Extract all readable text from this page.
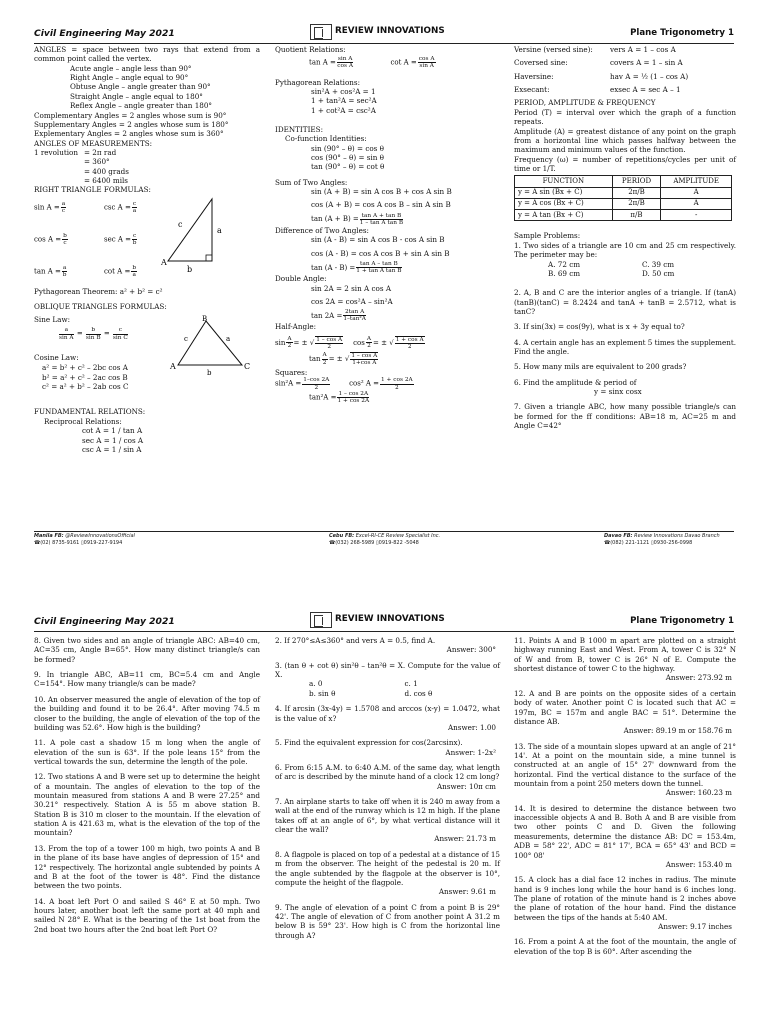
Civil Engineering May 2021	REVIEW INNOVATIONS	Plane Trigonometry 1

ANGLES = space between two rays that extend from a common point called the vertex.

Acute angle – angle less than 90°
Right Angle – angle equal to 90°
Obtuse Angle – angle greater than 90°
Straight Angle – angle equal to 180°
Reflex Angle – angle greater than 180°
Complementary Angles = 2 angles whose sum is 90°
Supplementary Angles = 2 angles whose sum is 180°
Explementary Angles = 2 angles whose sum is 360°
ANGLES OF MEASUREMENTS:
1 revolution = 2π rad
= 360°
= 400 grads
= 6400 mils
RIGHT TRIANGLE FORMULAS:
$\sin A = \frac{a}{c}$	$\csc A = \frac{c}{a}$
$\cos A = \frac{b}{c}$	$\sec A = \frac{c}{b}$
$\tan A = \frac{a}{b}$	$\cot A = \frac{b}{a}$
c
a
A
b
Pythagorean Theorem: a² + b² = c²
OBLIQUE TRIANGLES FORMULAS:
Sine Law:
$\frac{a}{\text{sin A}} = \frac{b}{\text{sin B}} = \frac{c}{\text{sin C}}$
Cosine Law:
a² = b² + c² – 2bc cos A
b² = a² + c² – 2ac cos B
c² = a² + b² – 2ab cos C
B
c	a
A	C
b
FUNDAMENTAL RELATIONS:
Reciprocal Relations:
cot A = 1 / tan A
sec A = 1 / cos A
csc A = 1 / sin A
Quotient Relations:
$\tan A = \frac{\text{sin A}}{\text{cos A}}$	$\cot A = \frac{\text{cos A}}{\text{sin A}}$
Pythagorean Relations:
sin²A + cos²A = 1
1 + tan²A = sec²A
1 + cot²A = csc²A
IDENTITIES:
Co-function Identities:
sin (90° – θ) = cos θ
cos (90° – θ) = sin θ
tan (90° – θ) = cot θ
Sum of Two Angles:
sin (A + B) = sin A cos B + cos A sin B
cos (A + B) = cos A cos B – sin A sin B
$\tan (A + B) = \frac{\text{tan A + tan B}}{\text{1 – tan A tan B}}$
Difference of Two Angles:
sin (A - B) = sin A cos B - cos A sin B
cos (A - B) = cos A cos B + sin A sin B
$\tan (A - B) = \frac{\text{tan A – tan B}}{\text{1 + tan A tan B}}$
Double Angle:
sin 2A = 2 sin A cos A
cos 2A = cos²A – sin²A
$\tan 2A = \frac{\text{2tan A}}{\text{1–tan²A}}$
Half-Angle:
$\sin \frac{A}{2}$ = ± √ $\frac{\text{1 – cos A}}{2}$ $\cos \frac{A}{2}$ = ± √ $\frac{\text{1 + cos A}}{2}$
$\tan \frac{A}{2}$ = ± √ $\frac{\text{1 – cos A}}{\text{1+cos A}}$
Squares:
$\sin^2A = \frac{1-\cos 2A}{2}$	cos² $A = \frac{1 + \cos 2A}{2}$
$\tan^2A = \frac{1 - \cos 2A}{1 + \cos 2A}$
Versine (versed sine):	vers A = 1 – cos A
Coversed sine:	covers A = 1 – sin A
Haversine:	hav A = ½ (1 – cos A)
Exsecant:	exsec A = sec A – 1
PERIOD, AMPLITUDE & FREQUENCY

Period (T) = interval over which the graph of a function repeats.

Amplitude (A) = greatest distance of any point on the graph from a horizontal line which passes halfway between the maximum and minimum values of the function.

Frequency (ω) = number of repetitions/cycles per unit of time or 1/T.

FUNCTION	PERIOD	AMPLITUDE
y = A sin (Bx + C)	2π/B	A
y = A cos (Bx + C)	2π/B	A
y = A tan (Bx + C)	π/B	-
Sample Problems:

1. Two sides of a triangle are 10 cm and 25 cm respectively. The perimeter may be:

A. 72 cm	C. 39 cm
B. 69 cm	D. 50 cm

2. A, B and C are the interior angles of a triangle. If (tanA)(tanB)(tanC) = 8.2424 and tanA + tanB = 2.5712, what is tanC?

3. If sin(3x) = cos(9y), what is x + 3y equal to?

4. A certain angle has an explement 5 times the supplement. Find the angle.

5. How many mils are equivalent to 200 grads?

6. Find the amplitude & period of

y = sinx cosx

7. Given a triangle ABC, how many possible triangle/s can be formed for the ff conditions: AB=18 m, AC=25 m and Angle C=42°

Manila FB: @ReviewInnovationsOfficial
☎(02) 8735-9161 ▯0919-227-9194
Cebu FB: Excel-RI-CE Review Specialist Inc.
☎(032) 268-5989 ▯0919-822 -5048
Davao FB: Review Innovations Davao Branch
☎(082) 221-1121 ▯0930-256-0998
Civil Engineering May 2021	REVIEW INNOVATIONS	Plane Trigonometry 1

8. Given two sides and an angle of triangle ABC: AB=40 cm, AC=35 cm, Angle B=65°. How many distinct triangle/s can be formed?

9. In triangle ABC, AB=11 cm, BC=5.4 cm and Angle C=154°. How many triangle/s can be made?

10. An observer measured the angle of elevation of the top of the building and found it to be 26.4°. After moving 74.5 m closer to the building, the angle of elevation of the top of the building was 52.6°. How high is the building?

11. A pole cast a shadow 15 m long when the angle of elevation of the sun is 63°. If the pole leans 15° from the vertical towards the sun, determine the length of the pole.

12. Two stations A and B were set up to determine the height of a mountain. The angles of elevation to the top of the mountain measured from stations A and B were 27.25° and 30.21° respectively. Station A is 55 m above station B. Station B is 310 m closer to the mountain. If the elevation of station A is 421.63 m, what is the elevation of the top of the mountain?

13. From the top of a tower 100 m high, two points A and B in the plane of its base have angles of depression of 15° and 12° respectively. The horizontal angle subtended by points A and B at the foot of the tower is 48°. Find the distance between the two points.

14. A boat left Port O and sailed S 46° E at 50 mph. Two hours later, another boat left the same port at 40 mph and sailed N 28° E. What is the bearing of the 1st boat from the 2nd boat two hours after the 2nd boat left Port O?

2. If 270°≤A≤360° and vers A = 0.5, find A.

Answer: 300°

3. (tan θ + cot θ) sin²θ – tan²θ = X. Compute for the value of X.

a. 0	c. 1
b. sin θ	d. cos θ

4. If arcsin (3x-4y) = 1.5708 and arccos (x-y) = 1.0472, what is the value of x?

Answer: 1.00

5. Find the equivalent expression for cos(2arcsinx).

Answer: 1-2x²

6. From 6:15 A.M. to 6:40 A.M. of the same day, what length of arc is described by the minute hand of a clock 12 cm long?

Answer: 10π cm

7. An airplane starts to take off when it is 240 m away from a wall at the end of the runway which is 12 m high. If the plane takes off at an angle of 6°, by what vertical distance will it clear the wall?

Answer: 21.73 m

8. A flagpole is placed on top of a pedestal at a distance of 15 m from the observer. The height of the pedestal is 20 m. If the angle subtended by the flagpole at the observer is 10°, compute the height of the flagpole.

Answer: 9.61 m

9. The angle of elevation of a point C from a point B is 29° 42'. The angle of elevation of C from another point A 31.2 m below B is 59° 23'. How high is C from the horizontal line through A?

11. Points A and B 1000 m apart are plotted on a straight highway running East and West. From A, tower C is 32° N of W and from B, tower C is 26° N of E. Compute the shortest distance of tower C to the highway.

Answer: 273.92 m

12. A and B are points on the opposite sides of a certain body of water. Another point C is located such that AC = 197m, BC = 157m and angle BAC = 51°. Determine the distance AB.

Answer: 89.19 m or 158.76 m

13. The side of a mountain slopes upward at an angle of 21° 14'. At a point on the mountain side, a mine tunnel is constructed at an angle of 15° 27' downward from the horizontal. Find the vertical distance to the surface of the mountain from a point 250 meters down the tunnel.

Answer: 160.23 m

14. It is desired to determine the distance between two inaccessible objects A and B. Both A and B are visible from two other points C and D. Given the following measurements, determine the distance AB: DC = 153.4m, ADB = 58° 22', ADC = 81° 17', BCA = 65° 43' and BCD = 100° 08'

Answer: 153.40 m

15. A clock has a dial face 12 inches in radius. The minute hand is 9 inches long while the hour hand is 6 inches long. The plane of rotation of the minute hand is 2 inches above the plane of rotation of the hour hand. Find the distance between the tips of the hands at 5:40 AM.

Answer: 9.17 inches

16. From a point A at the foot of the mountain, the angle of elevation of the top B is 60°. After ascending the
